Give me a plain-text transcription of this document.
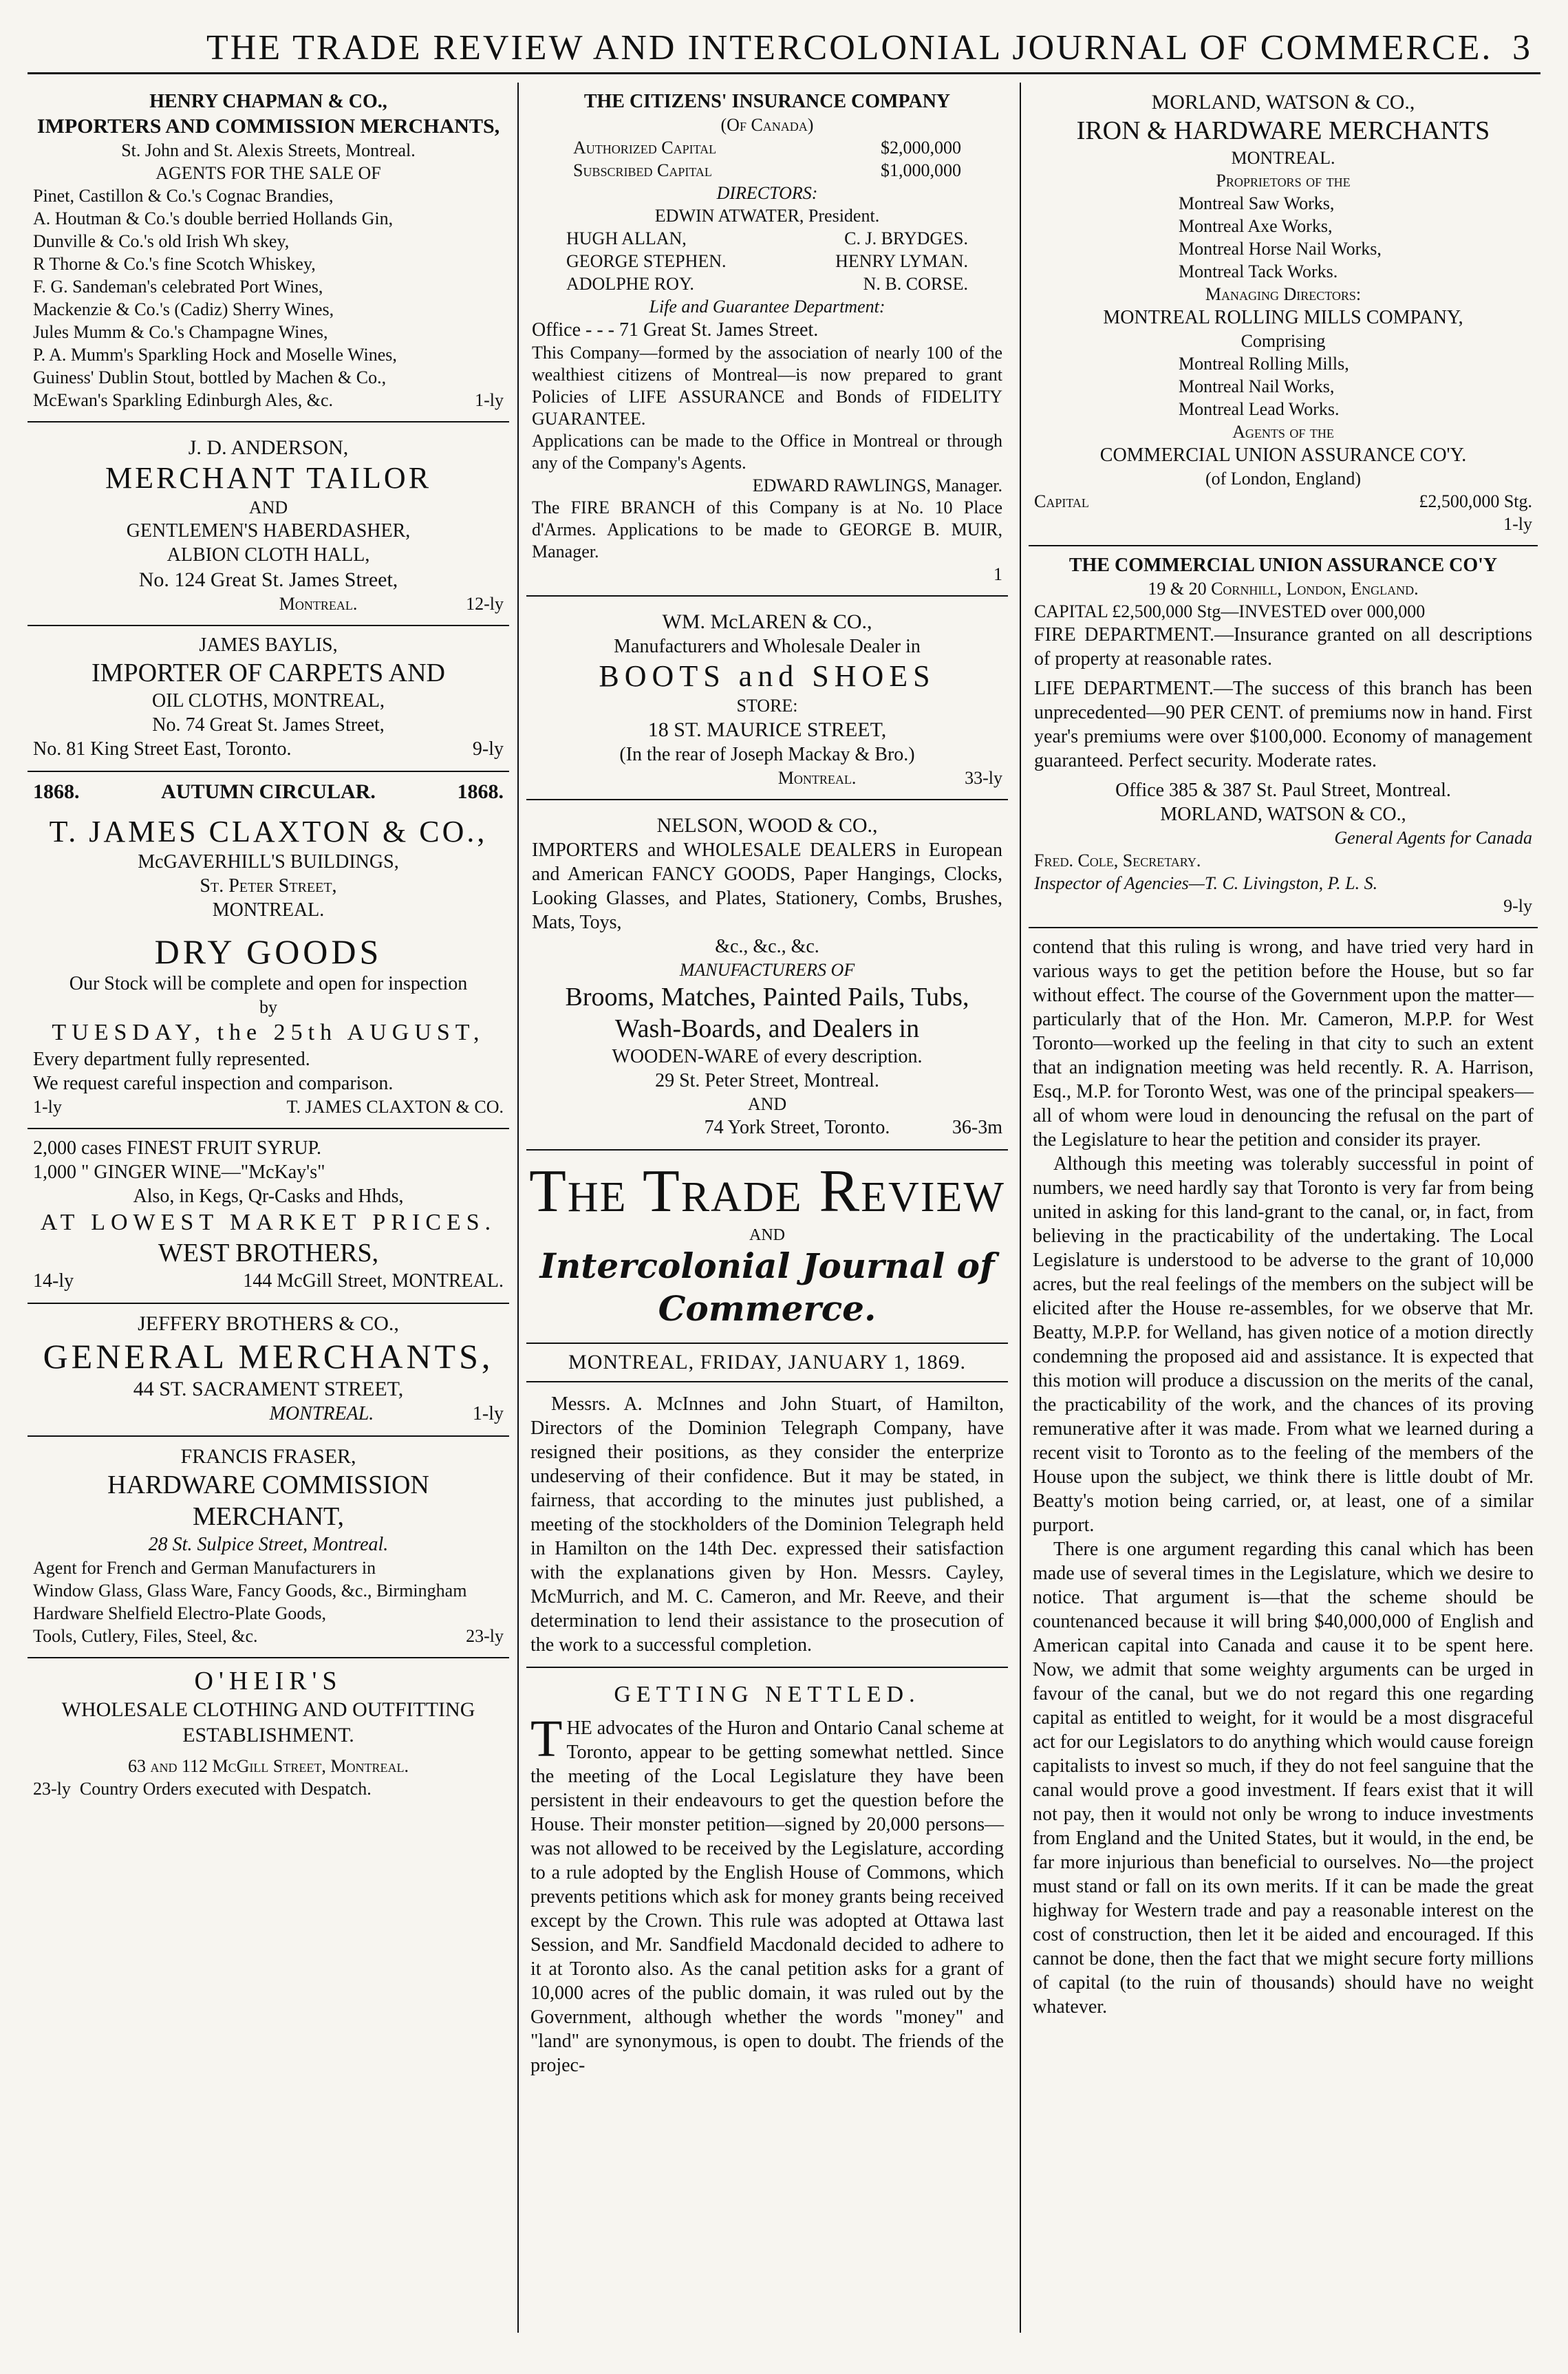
THE TRADE REVIEW AND INTERCOLONIAL JOURNAL OF COMMERCE. 3
HENRY CHAPMAN & CO.,
IMPORTERS AND COMMISSION MERCHANTS,
St. John and St. Alexis Streets, Montreal.
AGENTS FOR THE SALE OF
Pinet, Castillon & Co.'s Cognac Brandies,
A. Houtman & Co.'s double berried Hollands Gin,
Dunville & Co.'s old Irish Wh skey,
R Thorne & Co.'s fine Scotch Whiskey,
F. G. Sandeman's celebrated Port Wines,
Mackenzie & Co.'s (Cadiz) Sherry Wines,
Jules Mumm & Co.'s Champagne Wines,
P. A. Mumm's Sparkling Hock and Moselle Wines,
Guiness' Dublin Stout, bottled by Machen & Co.,
McEwan's Sparkling Edinburgh Ales, &c.	1-ly
J. D. ANDERSON,
MERCHANT TAILOR
AND
GENTLEMEN'S HABERDASHER,
ALBION CLOTH HALL,
No. 124 Great St. James Street,
Montreal.	12-ly
JAMES BAYLIS,
IMPORTER OF CARPETS AND
OIL CLOTHS, MONTREAL,
No. 74 Great St. James Street,
No. 81 King Street East, Toronto.	9-ly
1868.	AUTUMN CIRCULAR.	1868.
T. JAMES CLAXTON & CO.,
McGAVERHILL'S BUILDINGS,
St. Peter Street,
MONTREAL.
DRY GOODS
Our Stock will be complete and open for inspection
by
TUESDAY, the 25th AUGUST,
Every department fully represented.
We request careful inspection and comparison.
1-ly	T. JAMES CLAXTON & CO.
2,000 cases FINEST FRUIT SYRUP.
1,000 " GINGER WINE—"McKay's"
Also, in Kegs, Qr-Casks and Hhds,
AT LOWEST MARKET PRICES.
WEST BROTHERS,
14-ly	144 McGill Street, MONTREAL.
JEFFERY BROTHERS & CO.,
GENERAL MERCHANTS,
44 ST. SACRAMENT STREET,
MONTREAL.	1-ly
FRANCIS FRASER,
HARDWARE COMMISSION MERCHANT,
28 St. Sulpice Street, Montreal.
Agent for French and German Manufacturers in
Window Glass, Glass Ware, Fancy Goods, &c., Birmingham Hardware Shelfield Electro-Plate Goods,
Tools, Cutlery, Files, Steel, &c.	23-ly
O'HEIR'S
WHOLESALE CLOTHING AND OUTFITTING
ESTABLISHMENT.
63 and 112 McGill Street, Montreal.
23-ly Country Orders executed with Despatch.
THE CITIZENS' INSURANCE COMPANY
(Of Canada)
Authorized Capital	$2,000,000
Subscribed Capital	$1,000,000
DIRECTORS:
EDWIN ATWATER, President.
HUGH ALLAN,	C. J. BRYDGES.
GEORGE STEPHEN.	HENRY LYMAN.
ADOLPHE ROY.	N. B. CORSE.
Life and Guarantee Department:
Office - - - 71 Great St. James Street.
This Company—formed by the association of nearly 100 of the wealthiest citizens of Montreal—is now prepared to grant Policies of LIFE ASSURANCE and Bonds of FIDELITY GUARANTEE.
Applications can be made to the Office in Montreal or through any of the Company's Agents.
EDWARD RAWLINGS, Manager.
The FIRE BRANCH of this Company is at No. 10 Place d'Armes. Applications to be made to GEORGE B. MUIR, Manager.
1
WM. McLAREN & CO.,
Manufacturers and Wholesale Dealer in
BOOTS and SHOES
STORE:
18 ST. MAURICE STREET,
(In the rear of Joseph Mackay & Bro.)
Montreal.	33-ly
NELSON, WOOD & CO.,
IMPORTERS and WHOLESALE DEALERS in European and American FANCY GOODS, Paper Hangings, Clocks, Looking Glasses, and Plates, Stationery, Combs, Brushes, Mats, Toys,
&c., &c., &c.
MANUFACTURERS OF
Brooms, Matches, Painted Pails, Tubs, Wash-Boards, and Dealers in
WOODEN-WARE of every description.
29 St. Peter Street, Montreal.
AND
74 York Street, Toronto.	36-3m
The Trade Review
AND
Intercolonial Journal of Commerce.
MONTREAL, FRIDAY, JANUARY 1, 1869.
Messrs. A. McInnes and John Stuart, of Hamilton, Directors of the Dominion Telegraph Company, have resigned their positions, as they consider the enterprize undeserving of their confidence. But it may be stated, in fairness, that according to the minutes just published, a meeting of the stockholders of the Dominion Telegraph held in Hamilton on the 14th Dec. expressed their satisfaction with the explanations given by Hon. Messrs. Cayley, McMurrich, and M. C. Cameron, and Mr. Reeve, and their determination to lend their assistance to the prosecution of the work to a successful completion.
GETTING NETTLED.
T HE advocates of the Huron and Ontario Canal scheme at Toronto, appear to be getting somewhat nettled. Since the meeting of the Local Legislature they have been persistent in their endeavours to get the question before the House. Their monster petition—signed by 20,000 persons—was not allowed to be received by the Legislature, according to a rule adopted by the English House of Commons, which prevents petitions which ask for money grants being received except by the Crown. This rule was adopted at Ottawa last Session, and Mr. Sandfield Macdonald decided to adhere to it at Toronto also. As the canal petition asks for a grant of 10,000 acres of the public domain, it was ruled out by the Government, although whether the words "money" and "land" are synonymous, is open to doubt. The friends of the projec-
MORLAND, WATSON & CO.,
IRON & HARDWARE MERCHANTS
MONTREAL.
Proprietors of the
Montreal Saw Works,
Montreal Axe Works,
Montreal Horse Nail Works,
Montreal Tack Works.
Managing Directors:
MONTREAL ROLLING MILLS COMPANY,
Comprising
Montreal Rolling Mills,
Montreal Nail Works,
Montreal Lead Works.
Agents of the
COMMERCIAL UNION ASSURANCE CO'Y.
(of London, England)
Capital	£2,500,000 Stg.
1-ly
THE COMMERCIAL UNION ASSURANCE CO'Y
19 & 20 Cornhill, London, England.
CAPITAL £2,500,000 Stg—INVESTED over 000,000
FIRE DEPARTMENT.—Insurance granted on all descriptions of property at reasonable rates.
LIFE DEPARTMENT.—The success of this branch has been unprecedented—90 PER CENT. of premiums now in hand. First year's premiums were over $100,000. Economy of management guaranteed. Perfect security. Moderate rates.
Office 385 & 387 St. Paul Street, Montreal.
MORLAND, WATSON & CO.,
General Agents for Canada
Fred. Cole, Secretary.
Inspector of Agencies—T. C. Livingston, P. L. S.
9-ly
contend that this ruling is wrong, and have tried very hard in various ways to get the petition before the House, but so far without effect. The course of the Government upon the matter—particularly that of the Hon. Mr. Cameron, M.P.P. for West Toronto—worked up the feeling in that city to such an extent that an indignation meeting was held recently. R. A. Harrison, Esq., M.P. for Toronto West, was one of the principal speakers—all of whom were loud in denouncing the refusal on the part of the Legislature to hear the petition and consider its prayer.
Although this meeting was tolerably successful in point of numbers, we need hardly say that Toronto is very far from being united in asking for this land-grant to the canal, or, in fact, from believing in the practicability of the undertaking. The Local Legislature is understood to be adverse to the grant of 10,000 acres, but the real feelings of the members on the subject will be elicited after the House re-assembles, for we observe that Mr. Beatty, M.P.P. for Welland, has given notice of a motion directly condemning the proposed aid and assistance. It is expected that this motion will produce a discussion on the merits of the canal, the practicability of the work, and the chances of its proving remunerative after it was made. From what we learned during a recent visit to Toronto as to the feeling of the members of the House upon the subject, we think there is little doubt of Mr. Beatty's motion being carried, or, at least, one of a similar purport.
There is one argument regarding this canal which has been made use of several times in the Legislature, which we desire to notice. That argument is—that the scheme should be countenanced because it will bring $40,000,000 of English and American capital into Canada and cause it to be spent here. Now, we admit that some weighty arguments can be urged in favour of the canal, but we do not regard this one regarding capital as entitled to weight, for it would be a most disgraceful act for our Legislators to do anything which would cause foreign capitalists to invest so much, if they do not feel sanguine that the canal would prove a good investment. If fears exist that it will not pay, then it would not only be wrong to induce investments from England and the United States, but it would, in the end, be far more injurious than beneficial to ourselves. No—the project must stand or fall on its own merits. If it can be made the great highway for Western trade and pay a reasonable interest on the cost of construction, then let it be aided and encouraged. If this cannot be done, then the fact that we might secure forty millions of capital (to the ruin of thousands) should have no weight whatever.
